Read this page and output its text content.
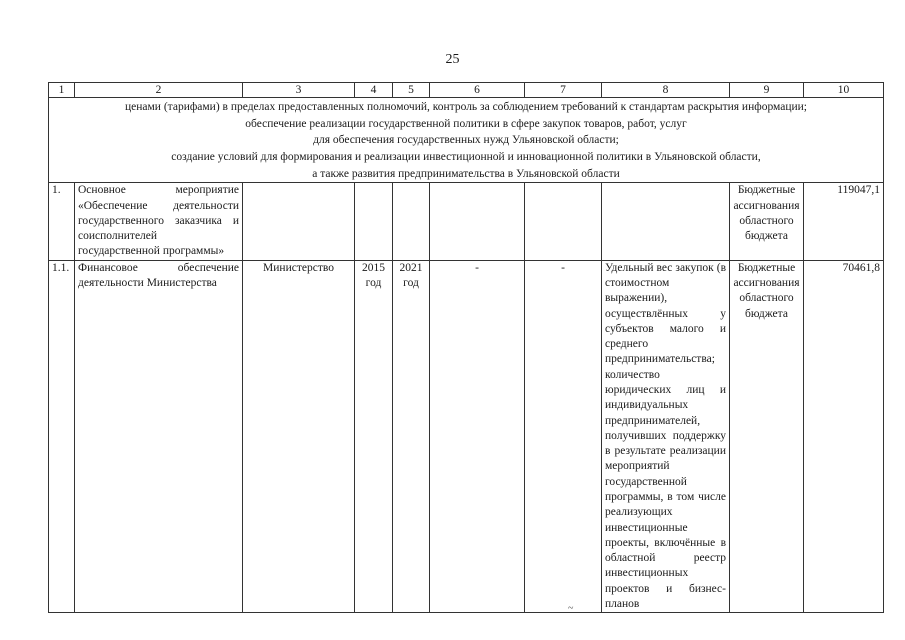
25
1	2	3	4	5	6	7	8	9	10

ценами (тарифами) в пределах предоставленных полномочий, контроль за соблюдением требований к стандартам раскрытия информации;
обеспечение реализации государственной политики в сфере закупок товаров, работ, услуг
для обеспечения государственных нужд Ульяновской области;
создание условий для формирования и реализации инвестиционной и инновационной политики в Ульяновской области,
а также развития предпринимательства в Ульяновской области									

1.	Основное мероприятие «Обеспечение деятельности государственного заказчика и соисполнителей государственной программы»							Бюджетные ассигнования областного бюджета	119047,1
1.1.	Финансовое обеспечение деятельности Министерства	Министерство	2015 год	2021 год	-	-	Удельный вес закупок (в стоимостном выражении), осуществлённых у субъектов малого и среднего предпринимательства; количество юридических лиц и индивидуальных предпринимателей, получивших поддержку в результате реализации мероприятий государственной программы, в том числе реализующих инвестиционные проекты, включённые в областной реестр инвестиционных проектов и бизнес-планов	Бюджетные ассигнования областного бюджета	70461,8
~
